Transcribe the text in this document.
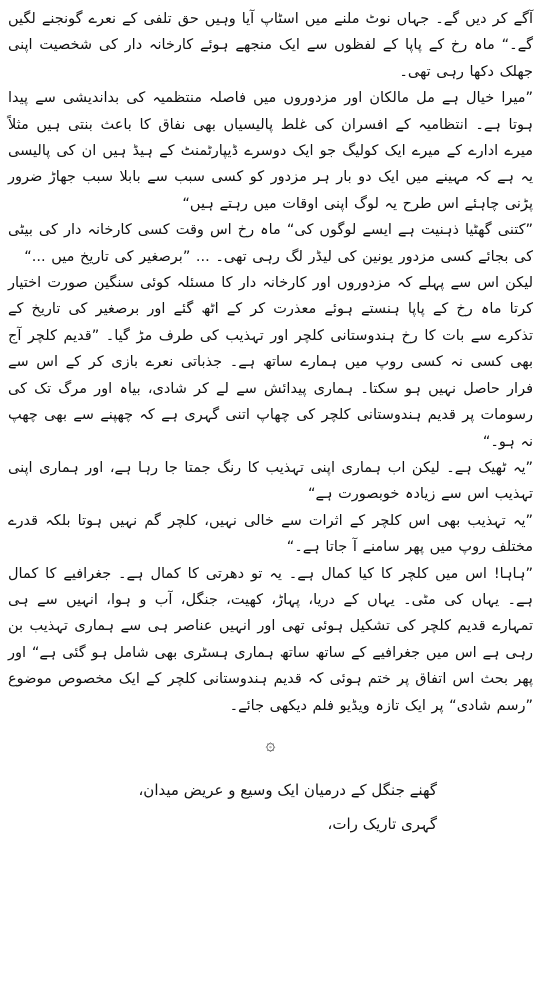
آگے کر دیں گے۔ جہاں نوٹ ملنے میں اسٹاپ آیا وہیں حق تلفی کے نعرے گونجنے لگیں گے۔“ ماہ رخ کے پاپا کے لفظوں سے ایک منجھے ہوئے کارخانہ دار کی شخصیت اپنی جھلک دکھا رہی تھی۔

”میرا خیال ہے مل مالکان اور مزدوروں میں فاصلہ منتظمیہ کی بداندیشی سے پیدا ہوتا ہے۔ انتظامیہ کے افسران کی غلط پالیسیاں بھی نفاق کا باعث بنتی ہیں مثلاً میرے ادارے کے میرے ایک کولیگ جو ایک دوسرے ڈیپارٹمنٹ کے ہیڈ ہیں ان کی پالیسی یہ ہے کہ مہینے میں ایک دو بار ہر مزدور کو کسی سبب سے بابلا سبب جھاڑ ضرور پڑنی چاہئے اس طرح یہ لوگ اپنی اوقات میں رہتے ہیں“

”کتنی گھٹیا ذہنیت ہے ایسے لوگوں کی“ ماہ رخ اس وقت کسی کارخانہ دار کی بیٹی کی بجائے کسی مزدور یونین کی لیڈر لگ رہی تھی۔ ... ”برصغیر کی تاریخ میں ...“

لیکن اس سے پہلے کہ مزدوروں اور کارخانہ دار کا مسئلہ کوئی سنگین صورت اختیار کرتا ماہ رخ کے پاپا ہنستے ہوئے معذرت کر کے اٹھ گئے اور برصغیر کی تاریخ کے تذکرے سے بات کا رخ ہندوستانی کلچر اور تہذیب کی طرف مڑ گیا۔ ”قدیم کلچر آج بھی کسی نہ کسی روپ میں ہمارے ساتھ ہے۔ جذباتی نعرے بازی کر کے اس سے فرار حاصل نہیں ہو سکتا۔ ہماری پیدائش سے لے کر شادی، بیاہ اور مرگ تک کی رسومات پر قدیم ہندوستانی کلچر کی چھاپ اتنی گہری ہے کہ چھپنے سے بھی چھپ نہ ہو۔“

”یہ ٹھیک ہے۔ لیکن اب ہماری اپنی تہذیب کا رنگ جمتا جا رہا ہے، اور ہماری اپنی تہذیب اس سے زیادہ خوبصورت ہے“

”یہ تہذیب بھی اس کلچر کے اثرات سے خالی نہیں، کلچر گم نہیں ہوتا بلکہ قدرے مختلف روپ میں پھر سامنے آ جاتا ہے۔“

”ہاہا! اس میں کلچر کا کیا کمال ہے۔ یہ تو دھرتی کا کمال ہے۔ جغرافیے کا کمال ہے۔ یہاں کی مٹی۔ یہاں کے دریا، پہاڑ، کھیت، جنگل، آب و ہوا، انہیں سے ہی تمہارے قدیم کلچر کی تشکیل ہوئی تھی اور انہیں عناصر ہی سے ہماری تہذیب بن رہی ہے اس میں جغرافیے کے ساتھ ساتھ ہماری ہسٹری بھی شامل ہو گئی ہے“ اور پھر بحث اس اتفاق پر ختم ہوئی کہ قدیم ہندوستانی کلچر کے ایک مخصوص موضوع ”رسم شادی“ پر ایک تازہ ویڈیو فلم دیکھی جائے۔

۞

گھنے جنگل کے درمیان ایک وسیع و عریض میدان،

گہری تاریک رات،
